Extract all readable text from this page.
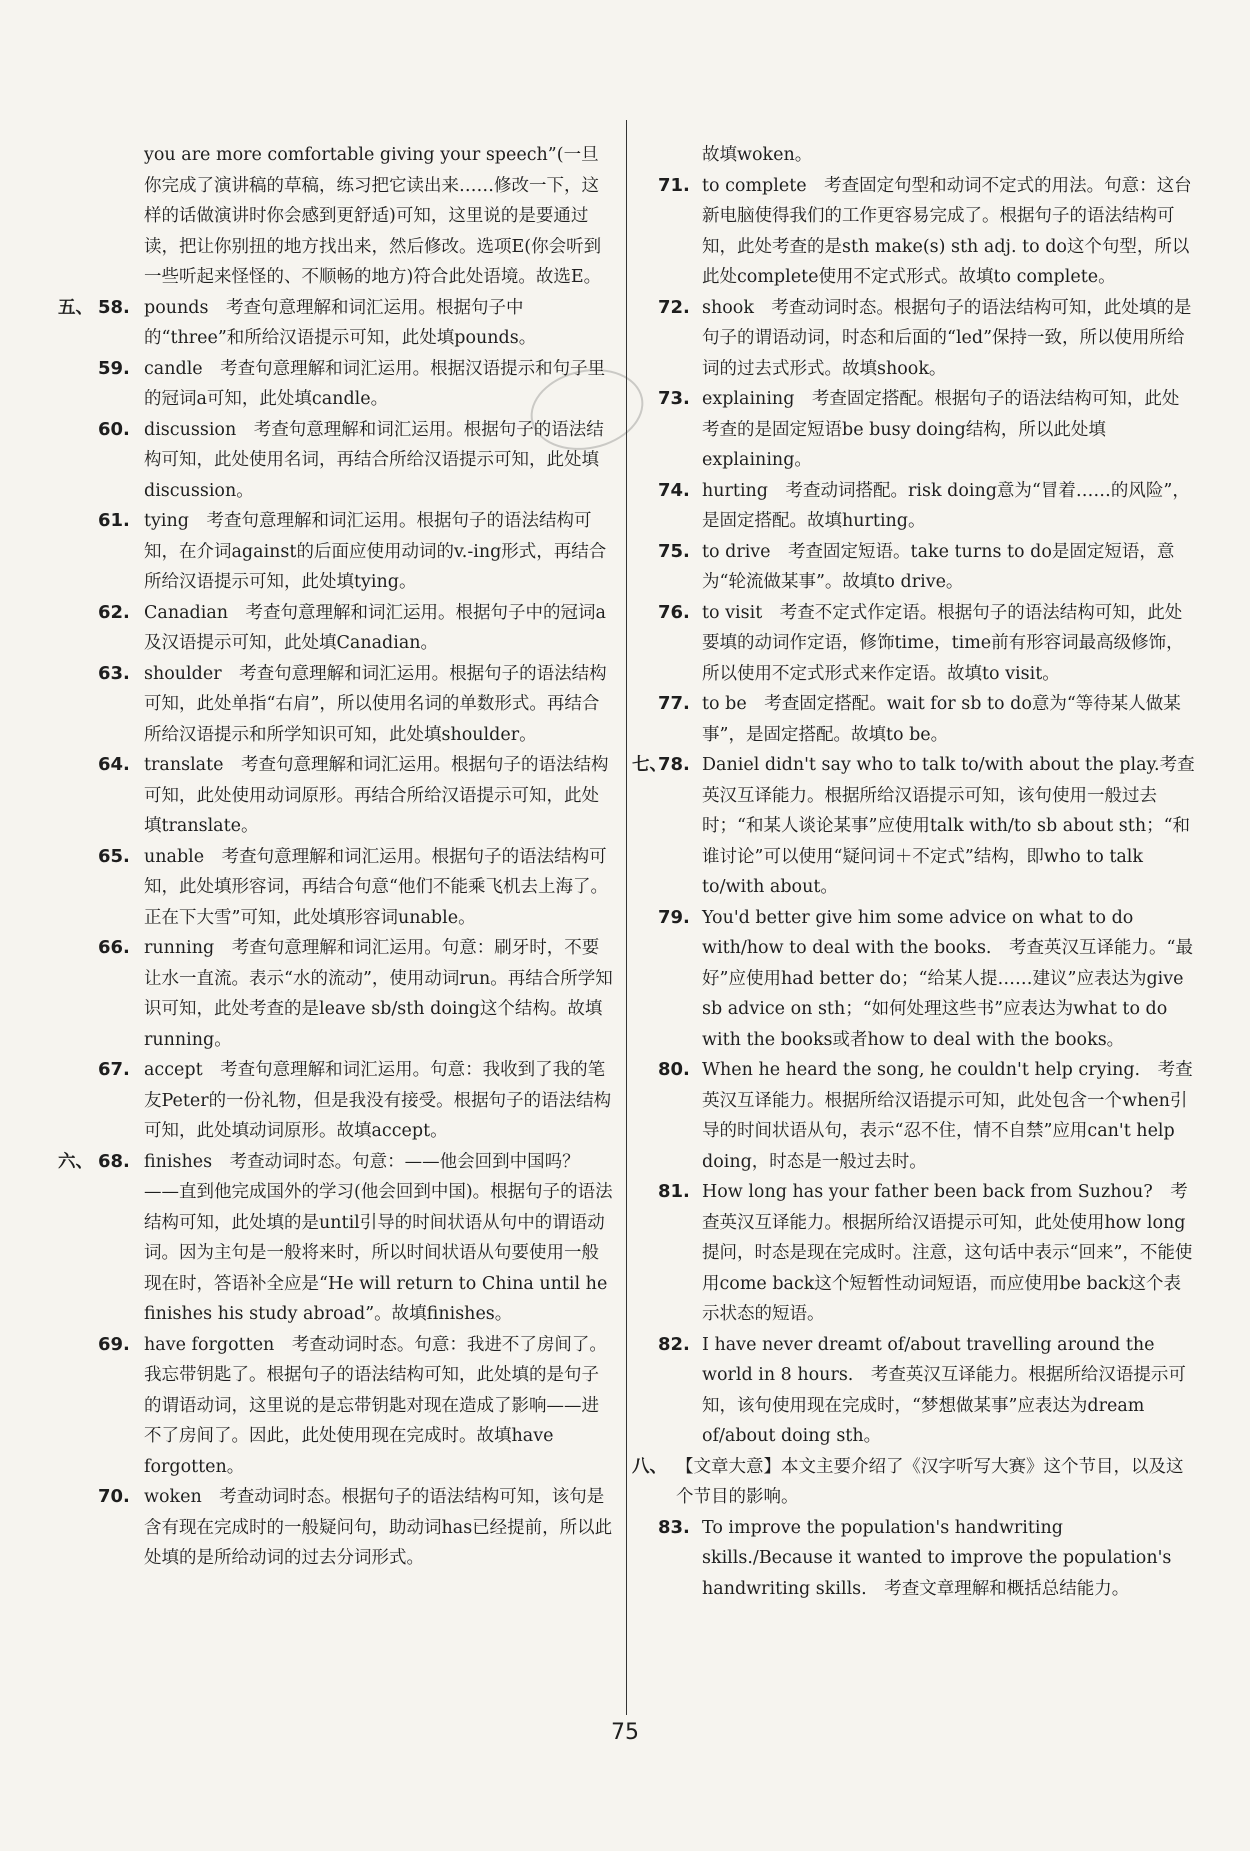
you are more comfortable giving your speech”(一旦你完成了演讲稿的草稿，练习把它读出来……修改一下，这样的话做演讲时你会感到更舒适)可知，这里说的是要通过读，把让你别扭的地方找出来，然后修改。选项E(你会听到一些听起来怪怪的、不顺畅的地方)符合此处语境。故选E。
五、 58. pounds　考查句意理解和词汇运用。根据句子中的“three”和所给汉语提示可知，此处填pounds。
59. candle　考查句意理解和词汇运用。根据汉语提示和句子里的冠词a可知，此处填candle。
60. discussion　考查句意理解和词汇运用。根据句子的语法结构可知，此处使用名词，再结合所给汉语提示可知，此处填discussion。
61. tying　考查句意理解和词汇运用。根据句子的语法结构可知，在介词against的后面应使用动词的v.-ing形式，再结合所给汉语提示可知，此处填tying。
62. Canadian　考查句意理解和词汇运用。根据句子中的冠词a及汉语提示可知，此处填Canadian。
63. shoulder　考查句意理解和词汇运用。根据句子的语法结构可知，此处单指“右肩”，所以使用名词的单数形式。再结合所给汉语提示和所学知识可知，此处填shoulder。
64. translate　考查句意理解和词汇运用。根据句子的语法结构可知，此处使用动词原形。再结合所给汉语提示可知，此处填translate。
65. unable　考查句意理解和词汇运用。根据句子的语法结构可知，此处填形容词，再结合句意“他们不能乘飞机去上海了。正在下大雪”可知，此处填形容词unable。
66. running　考查句意理解和词汇运用。句意：刷牙时，不要让水一直流。表示“水的流动”，使用动词run。再结合所学知识可知，此处考查的是leave sb/sth doing这个结构。故填running。
67. accept　考查句意理解和词汇运用。句意：我收到了我的笔友Peter的一份礼物，但是我没有接受。根据句子的语法结构可知，此处填动词原形。故填accept。
六、 68. finishes　考查动词时态。句意：——他会回到中国吗？——直到他完成国外的学习(他会回到中国)。根据句子的语法结构可知，此处填的是until引导的时间状语从句中的谓语动词。因为主句是一般将来时，所以时间状语从句要使用一般现在时，答语补全应是“He will return to China until he finishes his study abroad”。故填finishes。
69. have forgotten　考查动词时态。句意：我进不了房间了。我忘带钥匙了。根据句子的语法结构可知，此处填的是句子的谓语动词，这里说的是忘带钥匙对现在造成了影响——进不了房间了。因此，此处使用现在完成时。故填have forgotten。
70. woken　考查动词时态。根据句子的语法结构可知，该句是含有现在完成时的一般疑问句，助动词has已经提前，所以此处填的是所给动词的过去分词形式。
故填woken。
71. to complete　考查固定句型和动词不定式的用法。句意：这台新电脑使得我们的工作更容易完成了。根据句子的语法结构可知，此处考查的是sth make(s) sth adj. to do这个句型，所以此处complete使用不定式形式。故填to complete。
72. shook　考查动词时态。根据句子的语法结构可知，此处填的是句子的谓语动词，时态和后面的“led”保持一致，所以使用所给词的过去式形式。故填shook。
73. explaining　考查固定搭配。根据句子的语法结构可知，此处考查的是固定短语be busy doing结构，所以此处填explaining。
74. hurting　考查动词搭配。risk doing意为“冒着……的风险”，是固定搭配。故填hurting。
75. to drive　考查固定短语。take turns to do是固定短语，意为“轮流做某事”。故填to drive。
76. to visit　考查不定式作定语。根据句子的语法结构可知，此处要填的动词作定语，修饰time，time前有形容词最高级修饰，所以使用不定式形式来作定语。故填to visit。
77. to be　考查固定搭配。wait for sb to do意为“等待某人做某事”，是固定搭配。故填to be。
七、
78. Daniel didn't say who to talk to/with about the play.考查英汉互译能力。根据所给汉语提示可知，该句使用一般过去时；“和某人谈论某事”应使用talk with/to sb about sth；“和谁讨论”可以使用“疑问词＋不定式”结构，即who to talk to/with about。
79. You'd better give him some advice on what to do with/how to deal with the books.　考查英汉互译能力。“最好”应使用had better do；“给某人提……建议”应表达为give sb advice on sth；“如何处理这些书”应表达为what to do with the books或者how to deal with the books。
80. When he heard the song, he couldn't help crying.　考查英汉互译能力。根据所给汉语提示可知，此处包含一个when引导的时间状语从句，表示“忍不住，情不自禁”应用can't help doing，时态是一般过去时。
81. How long has your father been back from Suzhou?　考查英汉互译能力。根据所给汉语提示可知，此处使用how long提问，时态是现在完成时。注意，这句话中表示“回来”，不能使用come back这个短暂性动词短语，而应使用be back这个表示状态的短语。
82. I have never dreamt of/about travelling around the world in 8 hours.　考查英汉互译能力。根据所给汉语提示可知，该句使用现在完成时，“梦想做某事”应表达为dream of/about doing sth。
八、 【文章大意】本文主要介绍了《汉字听写大赛》这个节目，以及这个节目的影响。
83. To improve the population's handwriting skills./Because it wanted to improve the population's handwriting skills.　考查文章理解和概括总结能力。
75
